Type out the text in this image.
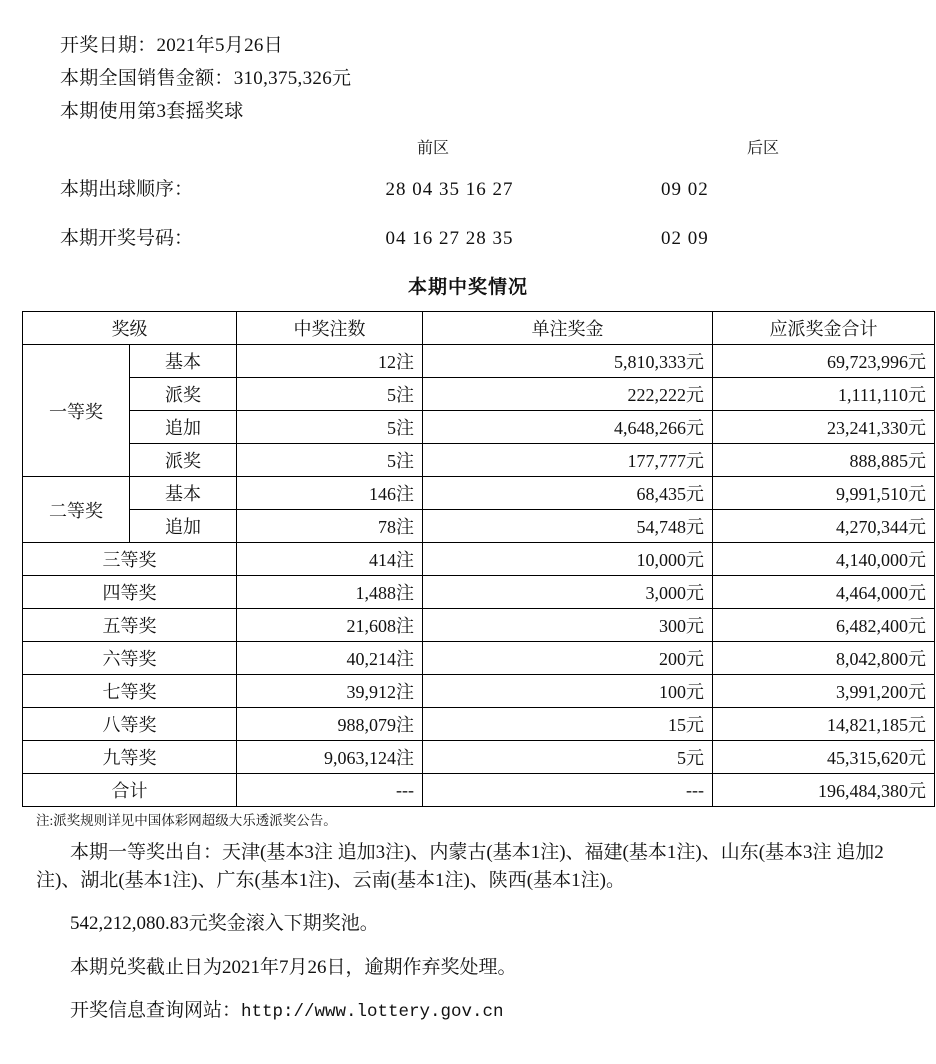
开奖日期：2021年5月26日
本期全国销售金额：310,375,326元
本期使用第3套摇奖球
前区	后区
本期出球顺序：	28 04 35 16 27	09 02
本期开奖号码：	04 16 27 28 35	02 09
本期中奖情况
奖级		中奖注数	单注奖金	应派奖金合计
一等奖	基本	12注	5,810,333元	69,723,996元
	派奖	5注	222,222元	1,111,110元
	追加	5注	4,648,266元	23,241,330元
	派奖	5注	177,777元	888,885元
二等奖	基本	146注	68,435元	9,991,510元
	追加	78注	54,748元	4,270,344元
三等奖		414注	10,000元	4,140,000元
四等奖		1,488注	3,000元	4,464,000元
五等奖		21,608注	300元	6,482,400元
六等奖		40,214注	200元	8,042,800元
七等奖		39,912注	100元	3,991,200元
八等奖		988,079注	15元	14,821,185元
九等奖		9,063,124注	5元	45,315,620元
合计		---	---	196,484,380元
注:派奖规则详见中国体彩网超级大乐透派奖公告。
本期一等奖出自：天津(基本3注 追加3注)、内蒙古(基本1注)、福建(基本1注)、山东(基本3注 追加2注)、湖北(基本1注)、广东(基本1注)、云南(基本1注)、陕西(基本1注)。
542,212,080.83元奖金滚入下期奖池。
本期兑奖截止日为2021年7月26日，逾期作弃奖处理。
开奖信息查询网站：http://www.lottery.gov.cn
